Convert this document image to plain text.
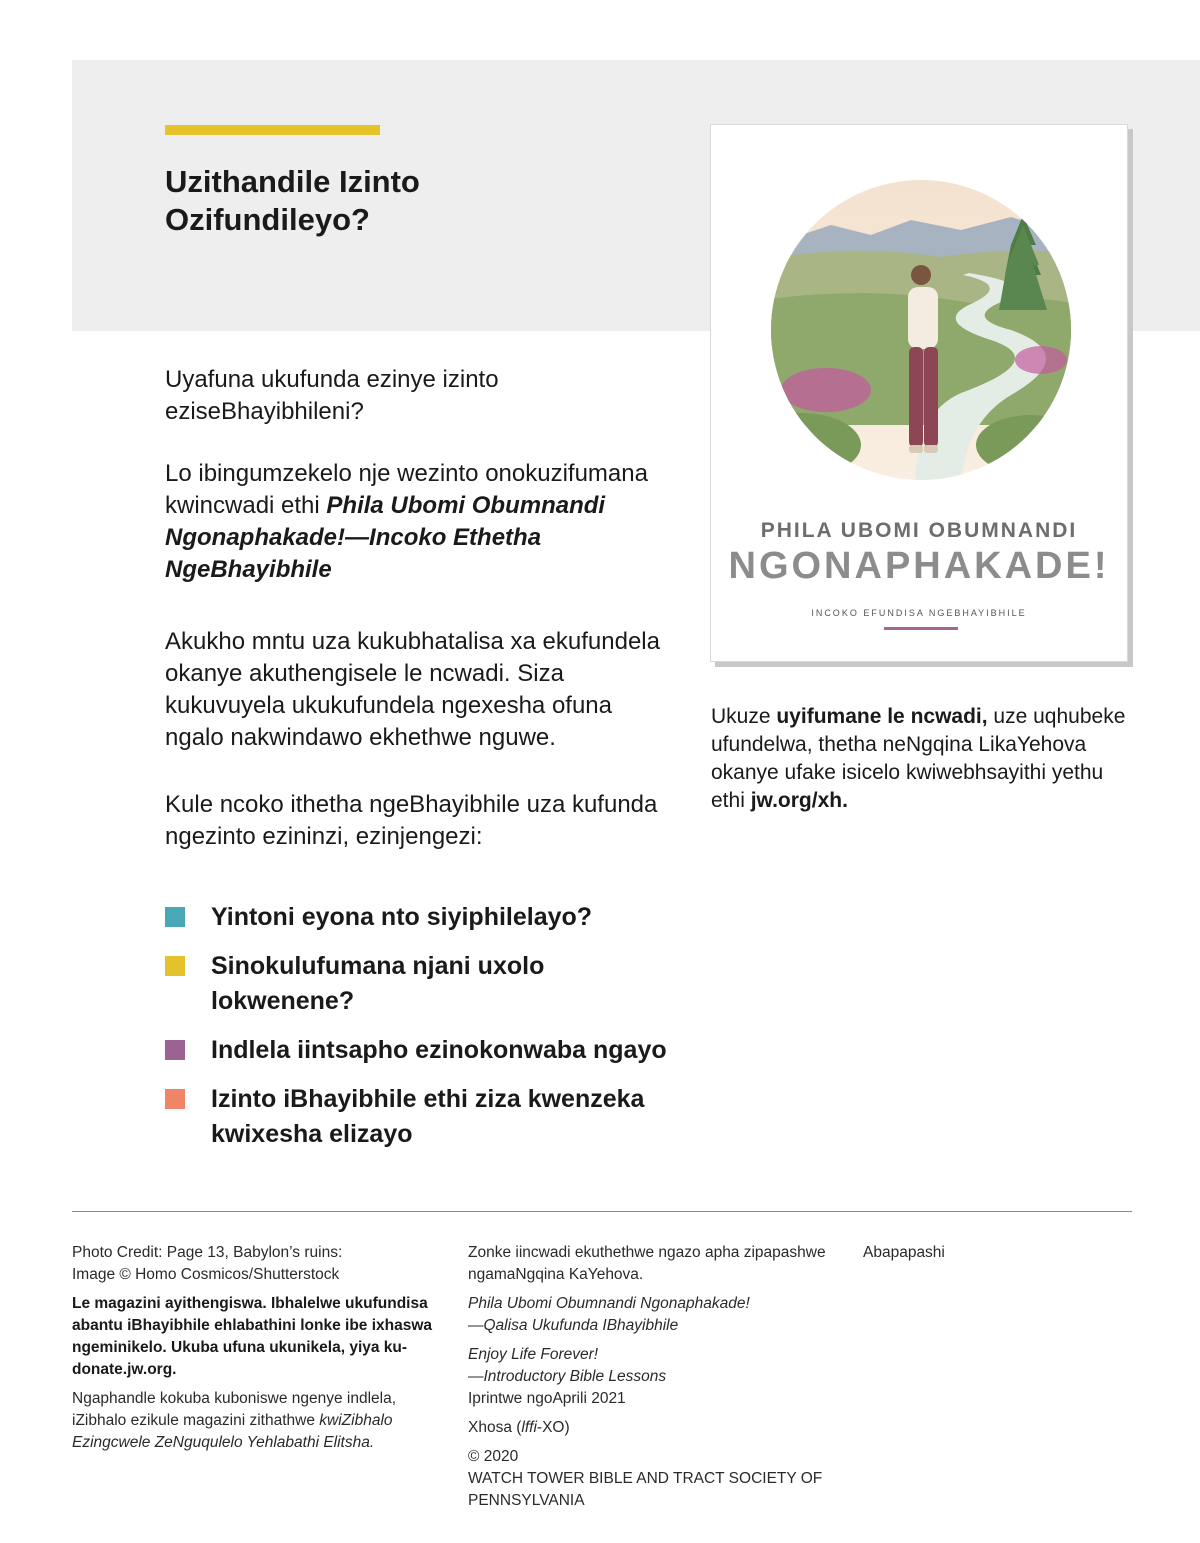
Uzithandile Izinto
Ozifundileyo?

Uyafuna ukufunda ezinye izinto eziseBhayibhileni?

Lo ibingumzekelo nje wezinto onokuzifumana kwincwadi ethi Phila Ubomi Obumnandi Ngonaphakade!—Incoko Ethetha NgeBhayibhile

Akukho mntu uza kukubhatalisa xa ekufundela okanye akuthengisele le ncwadi. Siza kukuvuyela ukukufundela ngexesha ofuna ngalo nakwindawo ekhethwe nguwe.

Kule ncoko ithetha ngeBhayibhile uza kufunda ngezinto ezininzi, ezinjengezi:

Yintoni eyona nto siyiphilelayo?
Sinokulufumana njani uxolo lokwenene?
Indlela iintsapho ezinokonwaba ngayo
Izinto iBhayibhile ethi ziza kwenzeka kwixesha elizayo
PHILA UBOMI OBUMNANDI
NGONAPHAKADE!
INCOKO EFUNDISA NGEBHAYIBHILE

Ukuze uyifumane le ncwadi, uze uqhubeke ufundelwa, thetha neNgqina LikaYehova okanye ufake isicelo kwiwebhsayithi yethu ethi jw.org/xh.

Photo Credit: Page 13, Babylon’s ruins:
Image © Homo Cosmicos/Shutterstock

Le magazini ayithengiswa. Ibhalelwe ukufundisa abantu iBhayibhile ehlabathini lonke ibe ixhaswa ngeminikelo. Ukuba ufuna ukunikela, yiya ku-donate.jw.org.

Ngaphandle kokuba kuboniswe ngenye indlela, iZibhalo ezikule magazini zithathwe kwiZibhalo Ezingcwele ZeNguqulelo Yehlabathi Elitsha.

Zonke iincwadi ekuthethwe ngazo apha zipapashwe ngamaNgqina KaYehova.

Phila Ubomi Obumnandi Ngonaphakade!
—Qalisa Ukufunda IBhayibhile

Enjoy Life Forever!
—Introductory Bible Lessons
Iprintwe ngoAprili 2021

Xhosa (lffi-XO)

© 2020
WATCH TOWER BIBLE AND TRACT SOCIETY OF PENNSYLVANIA

Abapapashi
